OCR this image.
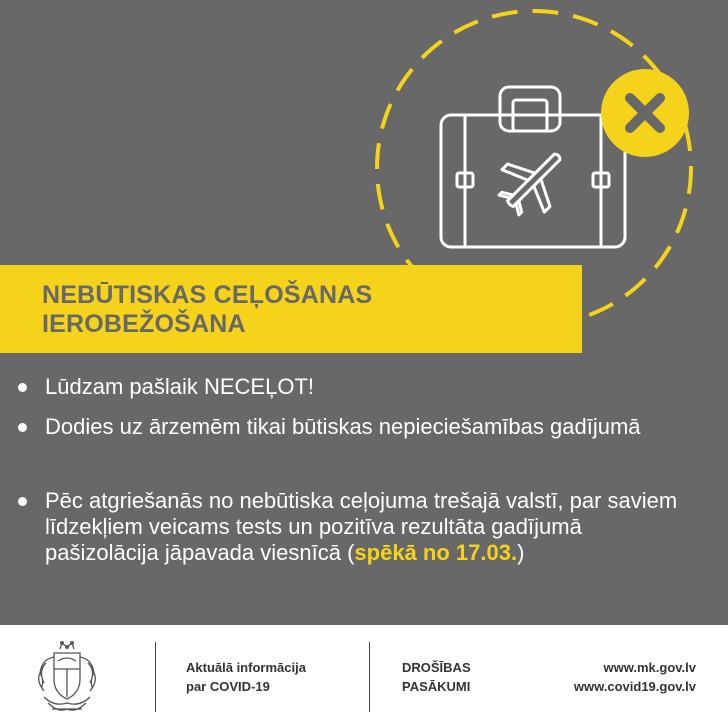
NEBŪTISKAS CEĻOŠANAS
IEROBEŽOŠANA
Lūdzam pašlaik NECEĻOT!
Dodies uz ārzemēm tikai būtiskas nepieciešamības gadījumā
Pēc atgriešanās no nebūtiska ceļojuma trešajā valstī, par saviem līdzekļiem veicams tests un pozitīva rezultāta gadījumā pašizolācija jāpavada viesnīcā (spēkā no 17.03.)
Aktuālā informācija
par COVID-19
DROŠĪBAS
PASĀKUMI
www.mk.gov.lv
www.covid19.gov.lv
